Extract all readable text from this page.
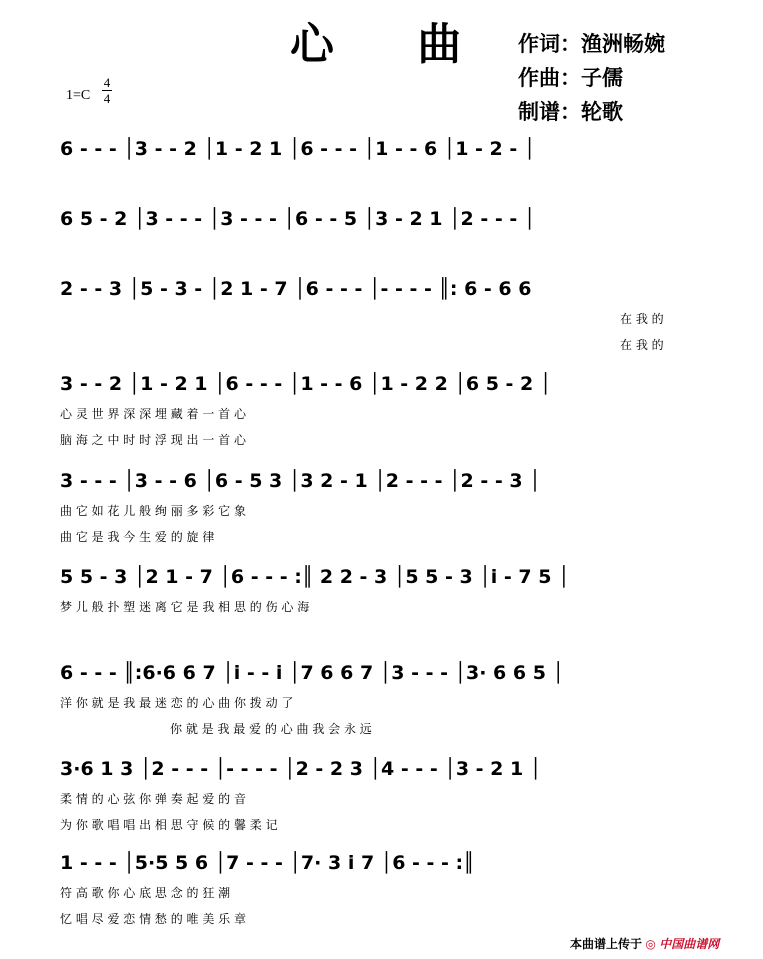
心 曲 作词：渔洲畅婉
作曲：子儒
制谱：轮歌
1=C
4
4
6 - - - │3 - - 2 │1 - 2 1 │6 - - - │1 - - 6 │1 - 2 - │
6 5 - 2 │3 - - - │3 - - - │6 - - 5 │3 - 2 1 │2 - - - │
2 - - 3 │5 - 3 - │2 1 - 7 │6 - - - │- - - - ║: 6 - 6 6
在 我 的
在 我 的
3 - - 2 │1 - 2 1 │6 - - - │1 - - 6 │1 - 2 2 │6 5 - 2 │
心 灵 世 界 深 深 埋 藏 着 一 首 心
脑 海 之 中 时 时 浮 现 出 一 首 心
3 - - - │3 - - 6 │6 - 5 3 │3 2 - 1 │2 - - - │2 - - 3 │
曲 它 如 花 儿 般 绚 丽 多 彩 它 象
曲 它 是 我 今 生 爱 的 旋 律
5 5 - 3 │2 1 - 7 │6 - - - :║ 2 2 - 3 │5 5 - 3 │i - 7 5 │
梦 儿 般 扑 塑 迷 离 它 是 我 相 思 的 伤 心 海
6 - - - ║:6·6 6 7 │i - - i │7 6 6 7 │3 - - - │3· 6 6 5 │
洋 你 就 是 我 最 迷 恋 的 心 曲 你 拨 动 了
你 就 是 我 最 爱 的 心 曲 我 会 永 远
3·6 1 3 │2 - - - │- - - - │2 - 2 3 │4 - - - │3 - 2 1 │
柔 情 的 心 弦 你 弹 奏 起 爱 的 音
为 你 歌 唱 唱 出 相 思 守 候 的 馨 柔 记
1 - - - │5·5 5 6 │7 - - - │7· 3 i 7 │6 - - - :║
符 高 歌 你 心 底 思 念 的 狂 潮
忆 唱 尽 爱 恋 情 愁 的 唯 美 乐 章
本曲谱上传于 ◎ 中国曲谱网
